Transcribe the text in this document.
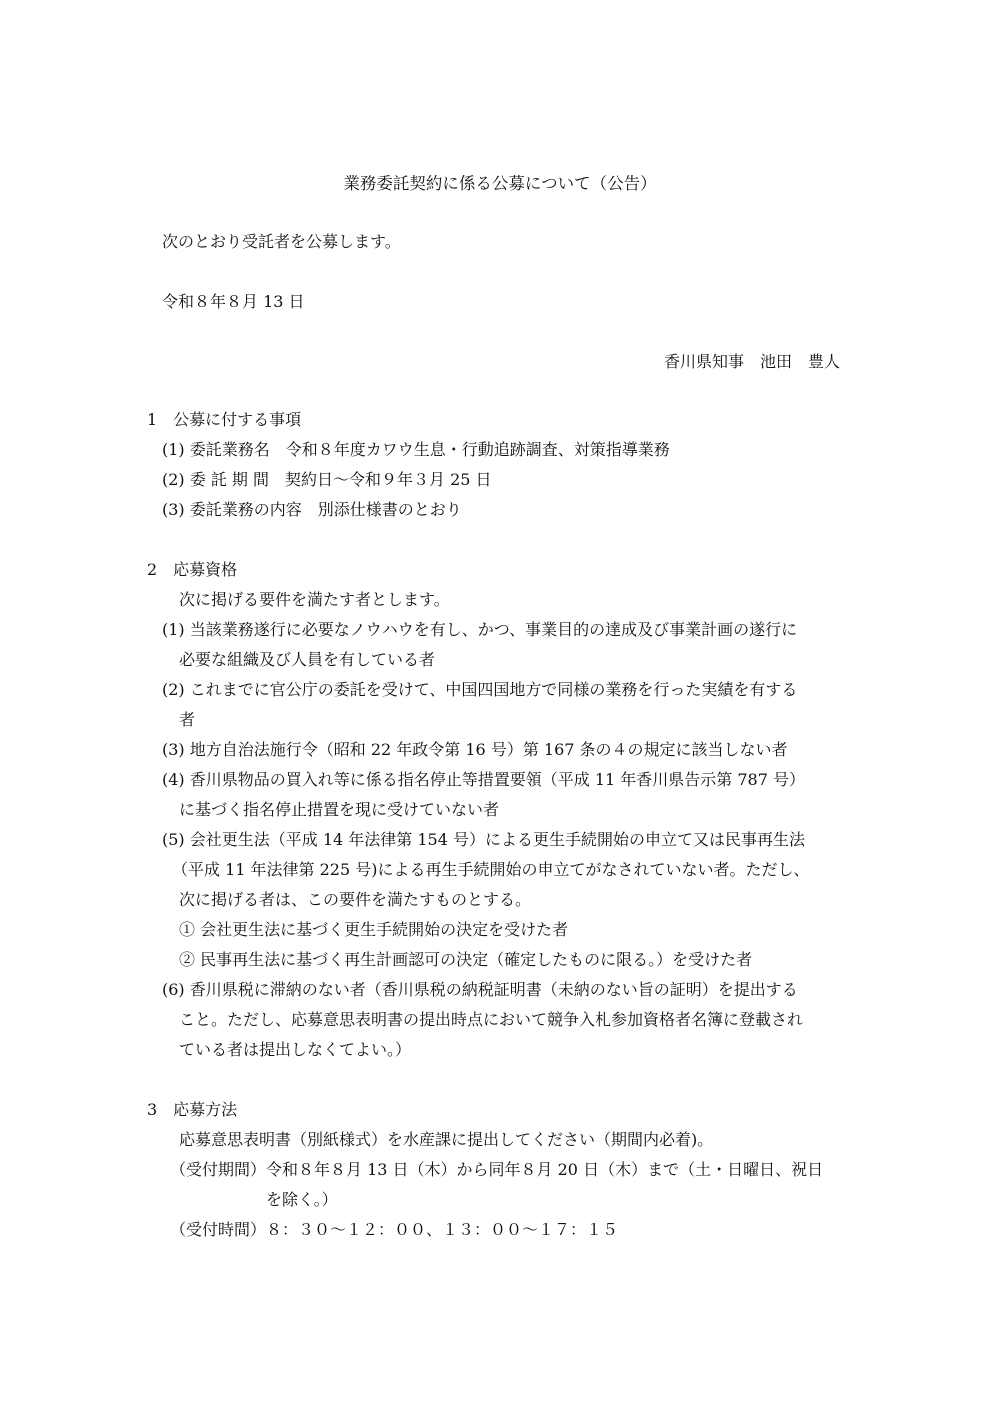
業務委託契約に係る公募について（公告）
次のとおり受託者を公募します。
令和８年８月 13 日
香川県知事　池田　豊人
1　公募に付する事項
(1) 委託業務名　令和８年度カワウ生息・行動追跡調査、対策指導業務
(2) 委 託 期 間　契約日～令和９年３月 25 日
(3) 委託業務の内容　別添仕様書のとおり
2　応募資格
次に掲げる要件を満たす者とします。
(1) 当該業務遂行に必要なノウハウを有し、かつ、事業目的の達成及び事業計画の遂行に
必要な組織及び人員を有している者
(2) これまでに官公庁の委託を受けて、中国四国地方で同様の業務を行った実績を有する
者
(3) 地方自治法施行令（昭和 22 年政令第 16 号）第 167 条の４の規定に該当しない者
(4) 香川県物品の買入れ等に係る指名停止等措置要領（平成 11 年香川県告示第 787 号）
に基づく指名停止措置を現に受けていない者
(5) 会社更生法（平成 14 年法律第 154 号）による更生手続開始の申立て又は民事再生法
（平成 11 年法律第 225 号)による再生手続開始の申立てがなされていない者。ただし、
次に掲げる者は、この要件を満たすものとする。
① 会社更生法に基づく更生手続開始の決定を受けた者
② 民事再生法に基づく再生計画認可の決定（確定したものに限る。）を受けた者
(6) 香川県税に滞納のない者（香川県税の納税証明書（未納のない旨の証明）を提出する
こと。ただし、応募意思表明書の提出時点において競争入札参加資格者名簿に登載され
ている者は提出しなくてよい。）
3　応募方法
応募意思表明書（別紙様式）を水産課に提出してください（期間内必着)。
（受付期間） 令和８年８月 13 日（木）から同年８月 20 日（木）まで（土・日曜日、祝日
を除く。）
（受付時間） ８：３０～１２：００、１３：００～１７：１５
